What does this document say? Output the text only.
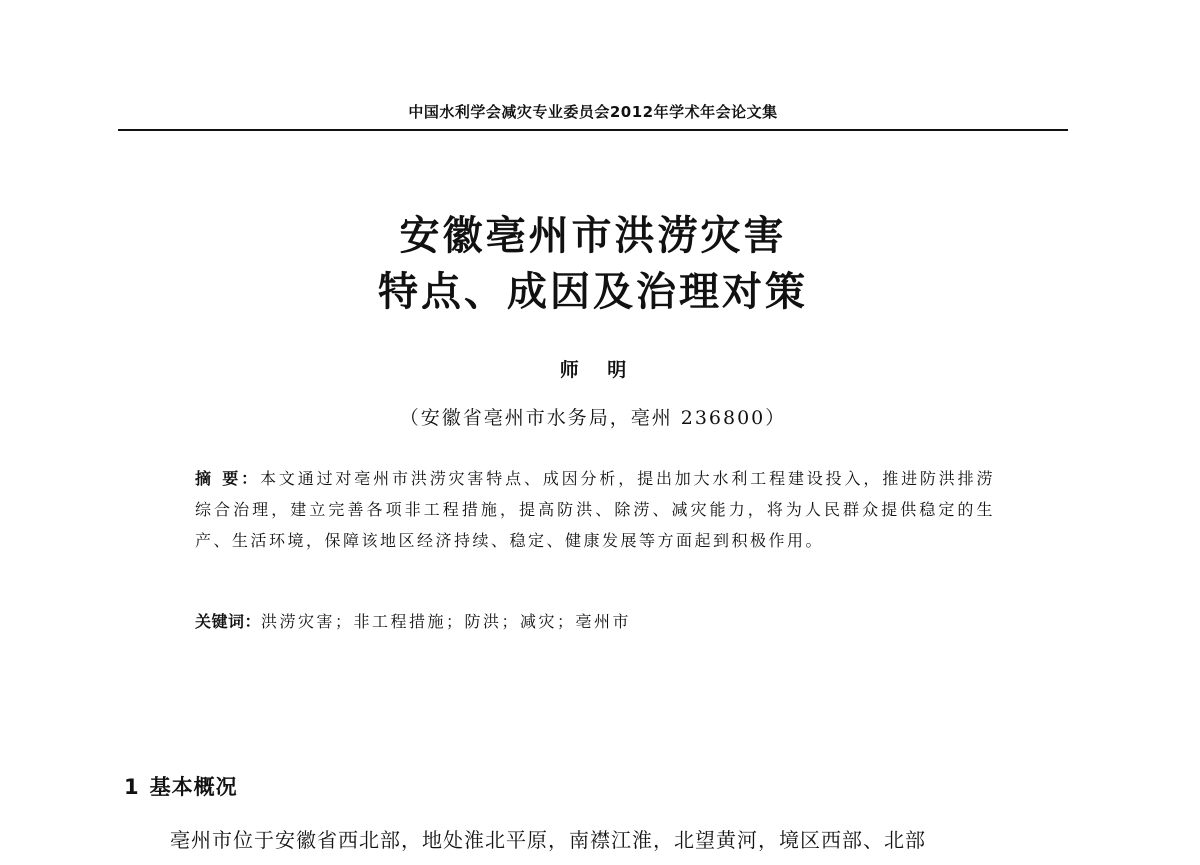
中国水利学会减灾专业委员会2012年学术年会论文集
安徽亳州市洪涝灾害
特点、成因及治理对策
师 明
（安徽省亳州市水务局，亳州 236800）
摘 要：本文通过对亳州市洪涝灾害特点、成因分析，提出加大水利工程建设投入，推进防洪排涝综合治理，建立完善各项非工程措施，提高防洪、除涝、减灾能力，将为人民群众提供稳定的生产、生活环境，保障该地区经济持续、稳定、健康发展等方面起到积极作用。
关键词：洪涝灾害；非工程措施；防洪；减灾；亳州市
1 基本概况
亳州市位于安徽省西北部，地处淮北平原，南襟江淮，北望黄河，境区西部、北部
